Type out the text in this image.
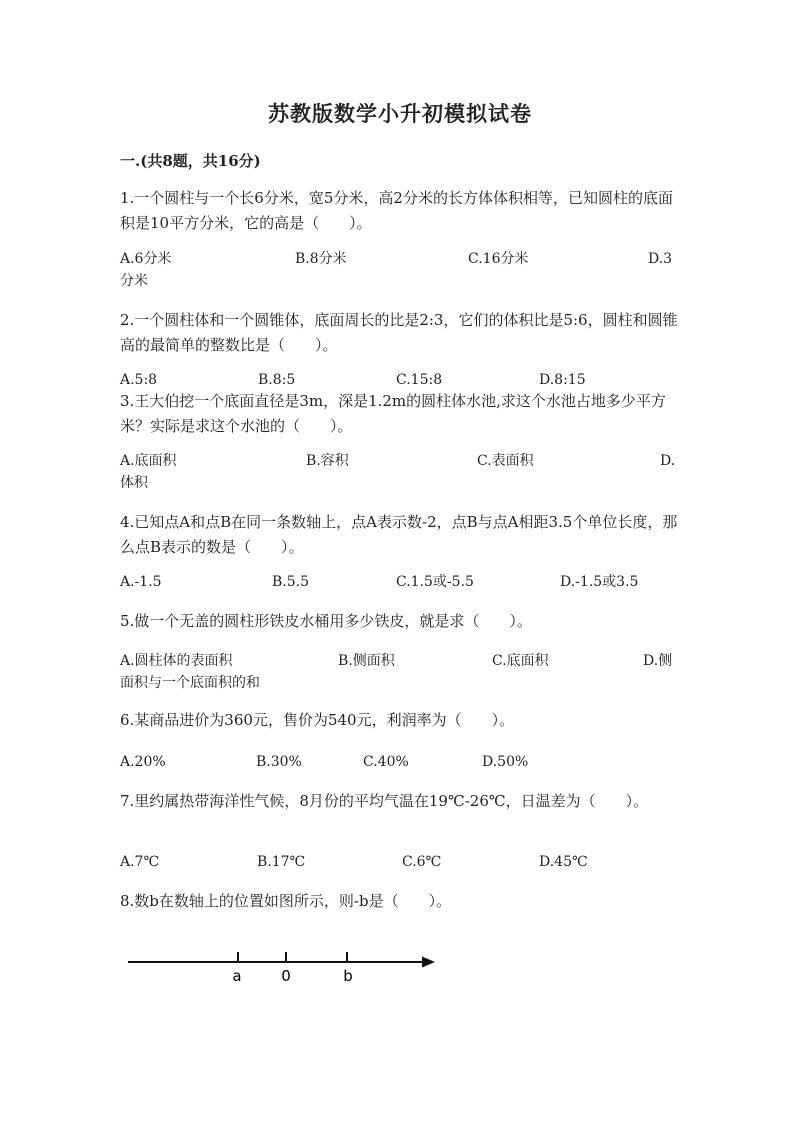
苏教版数学小升初模拟试卷
一.(共8题，共16分)
1.一个圆柱与一个长6分米，宽5分米，高2分米的长方体体积相等，已知圆柱的底面积是10平方分米，它的高是（　　）。
A.6分米	B.8分米	C.16分米	D.3分米
2.一个圆柱体和一个圆锥体，底面周长的比是2:3，它们的体积比是5:6，圆柱和圆锥高的最简单的整数比是（　　）。
A.5:8	B.8:5	C.15:8	D.8:15
3.王大伯挖一个底面直径是3m，深是1.2m的圆柱体水池,求这个水池占地多少平方米？实际是求这个水池的（　　）。
A.底面积	B.容积	C.表面积	D.体积
4.已知点A和点B在同一条数轴上，点A表示数-2，点B与点A相距3.5个单位长度，那么点B表示的数是（　　）。
A.-1.5	B.5.5	C.1.5或-5.5	D.-1.5或3.5
5.做一个无盖的圆柱形铁皮水桶用多少铁皮，就是求（　　）。
A.圆柱体的表面积	B.侧面积	C.底面积	D.侧面积与一个底面积的和
6.某商品进价为360元，售价为540元，利润率为（　　）。
A.20%	B.30%	C.40%	D.50%
7.里约属热带海洋性气候，8月份的平均气温在19℃-26℃，日温差为（　　）。
A.7℃	B.17℃	C.6℃	D.45℃
8.数b在数轴上的位置如图所示，则-b是（　　）。
a	0	b
